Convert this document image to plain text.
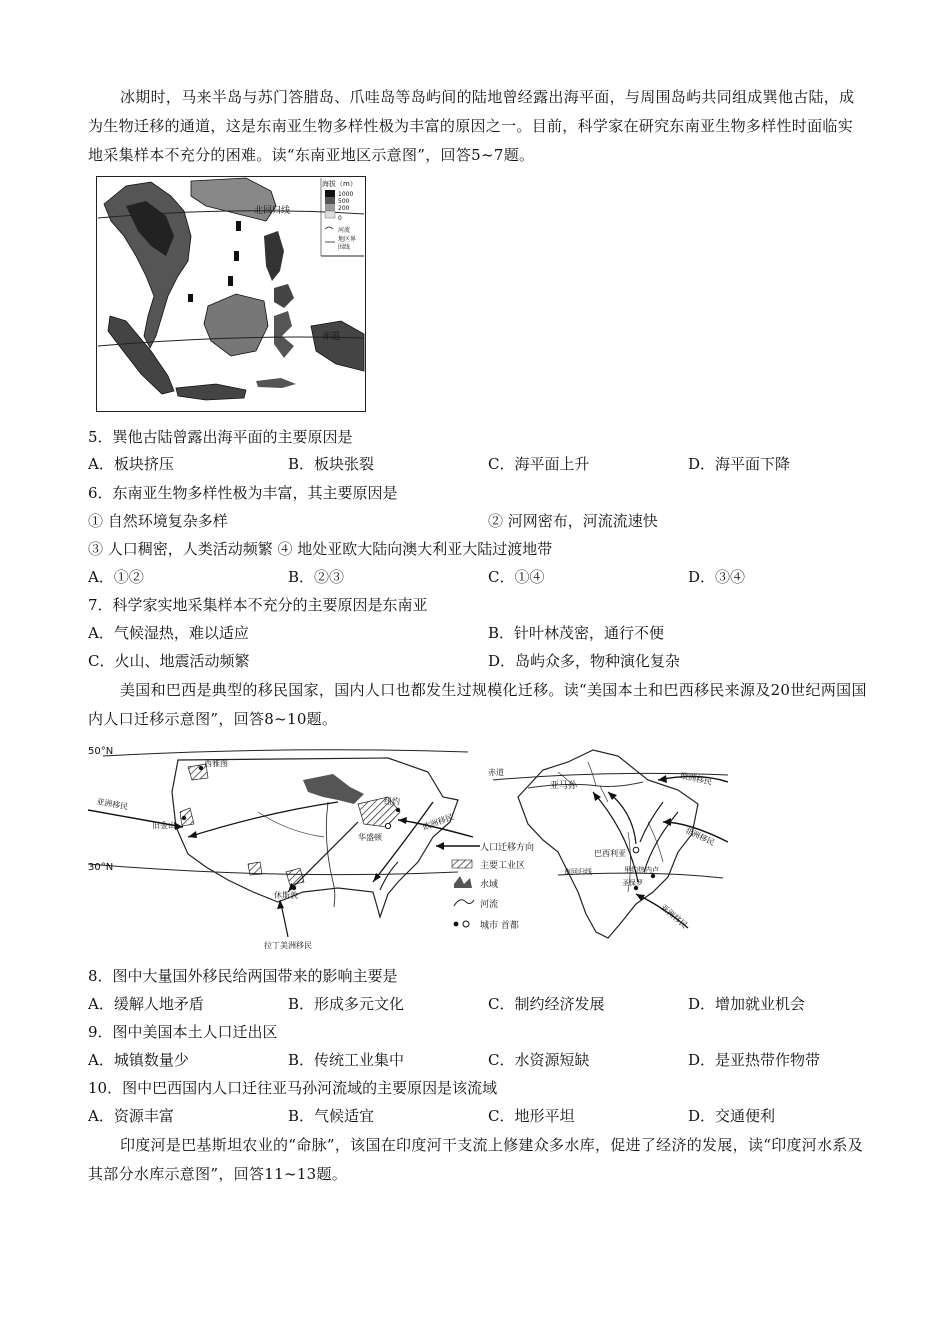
冰期时，马来半岛与苏门答腊岛、爪哇岛等岛屿间的陆地曾经露出海平面，与周围岛屿共同组成巽他古陆，成为生物迁移的通道，这是东南亚生物多样性极为丰富的原因之一。目前，科学家在研究东南亚生物多样性时面临实地采集样本不充分的困难。读“东南亚地区示意图”，回答5~7题。
北回归线
赤道
海拔（m）
1000
500
200
0
河流
地区界
围线
5．巽他古陆曾露出海平面的主要原因是
A．板块挤压	B．板块张裂	C．海平面上升	D．海平面下降
6．东南亚生物多样性极为丰富，其主要原因是
① 自然环境复杂多样	② 河网密布，河流流速快
③ 人口稠密，人类活动频繁 ④ 地处亚欧大陆向澳大利亚大陆过渡地带
A．①②	B．②③	C．①④	D．③④
7．科学家实地采集样本不充分的主要原因是东南亚
A．气候湿热，难以适应	B．针叶林茂密，通行不便
C．火山、地震活动频繁	D．岛屿众多，物种演化复杂
美国和巴西是典型的移民国家，国内人口也都发生过规模化迁移。读“美国本土和巴西移民来源及20世纪两国国内人口迁移示意图”，回答8~10题。
50°N
30°N
西雅图
亚洲移民
旧金山
纽约
华盛顿
欧洲移民
休斯敦
拉丁美洲移民
人口迁移方向
主要工业区
水域
河流
城市 首都
赤道
南回归线
亚马孙
巴西利亚
里约热内卢
圣保罗
欧洲移民
非洲移民
亚洲移民
8．图中大量国外移民给两国带来的影响主要是
A．缓解人地矛盾	B．形成多元文化	C．制约经济发展	D．增加就业机会
9．图中美国本土人口迁出区
A．城镇数量少	B．传统工业集中	C．水资源短缺	D．是亚热带作物带
10．图中巴西国内人口迁往亚马孙河流域的主要原因是该流域
A．资源丰富	B．气候适宜	C．地形平坦	D．交通便利
印度河是巴基斯坦农业的“命脉”，该国在印度河干支流上修建众多水库，促进了经济的发展，读“印度河水系及其部分水库示意图”，回答11~13题。
